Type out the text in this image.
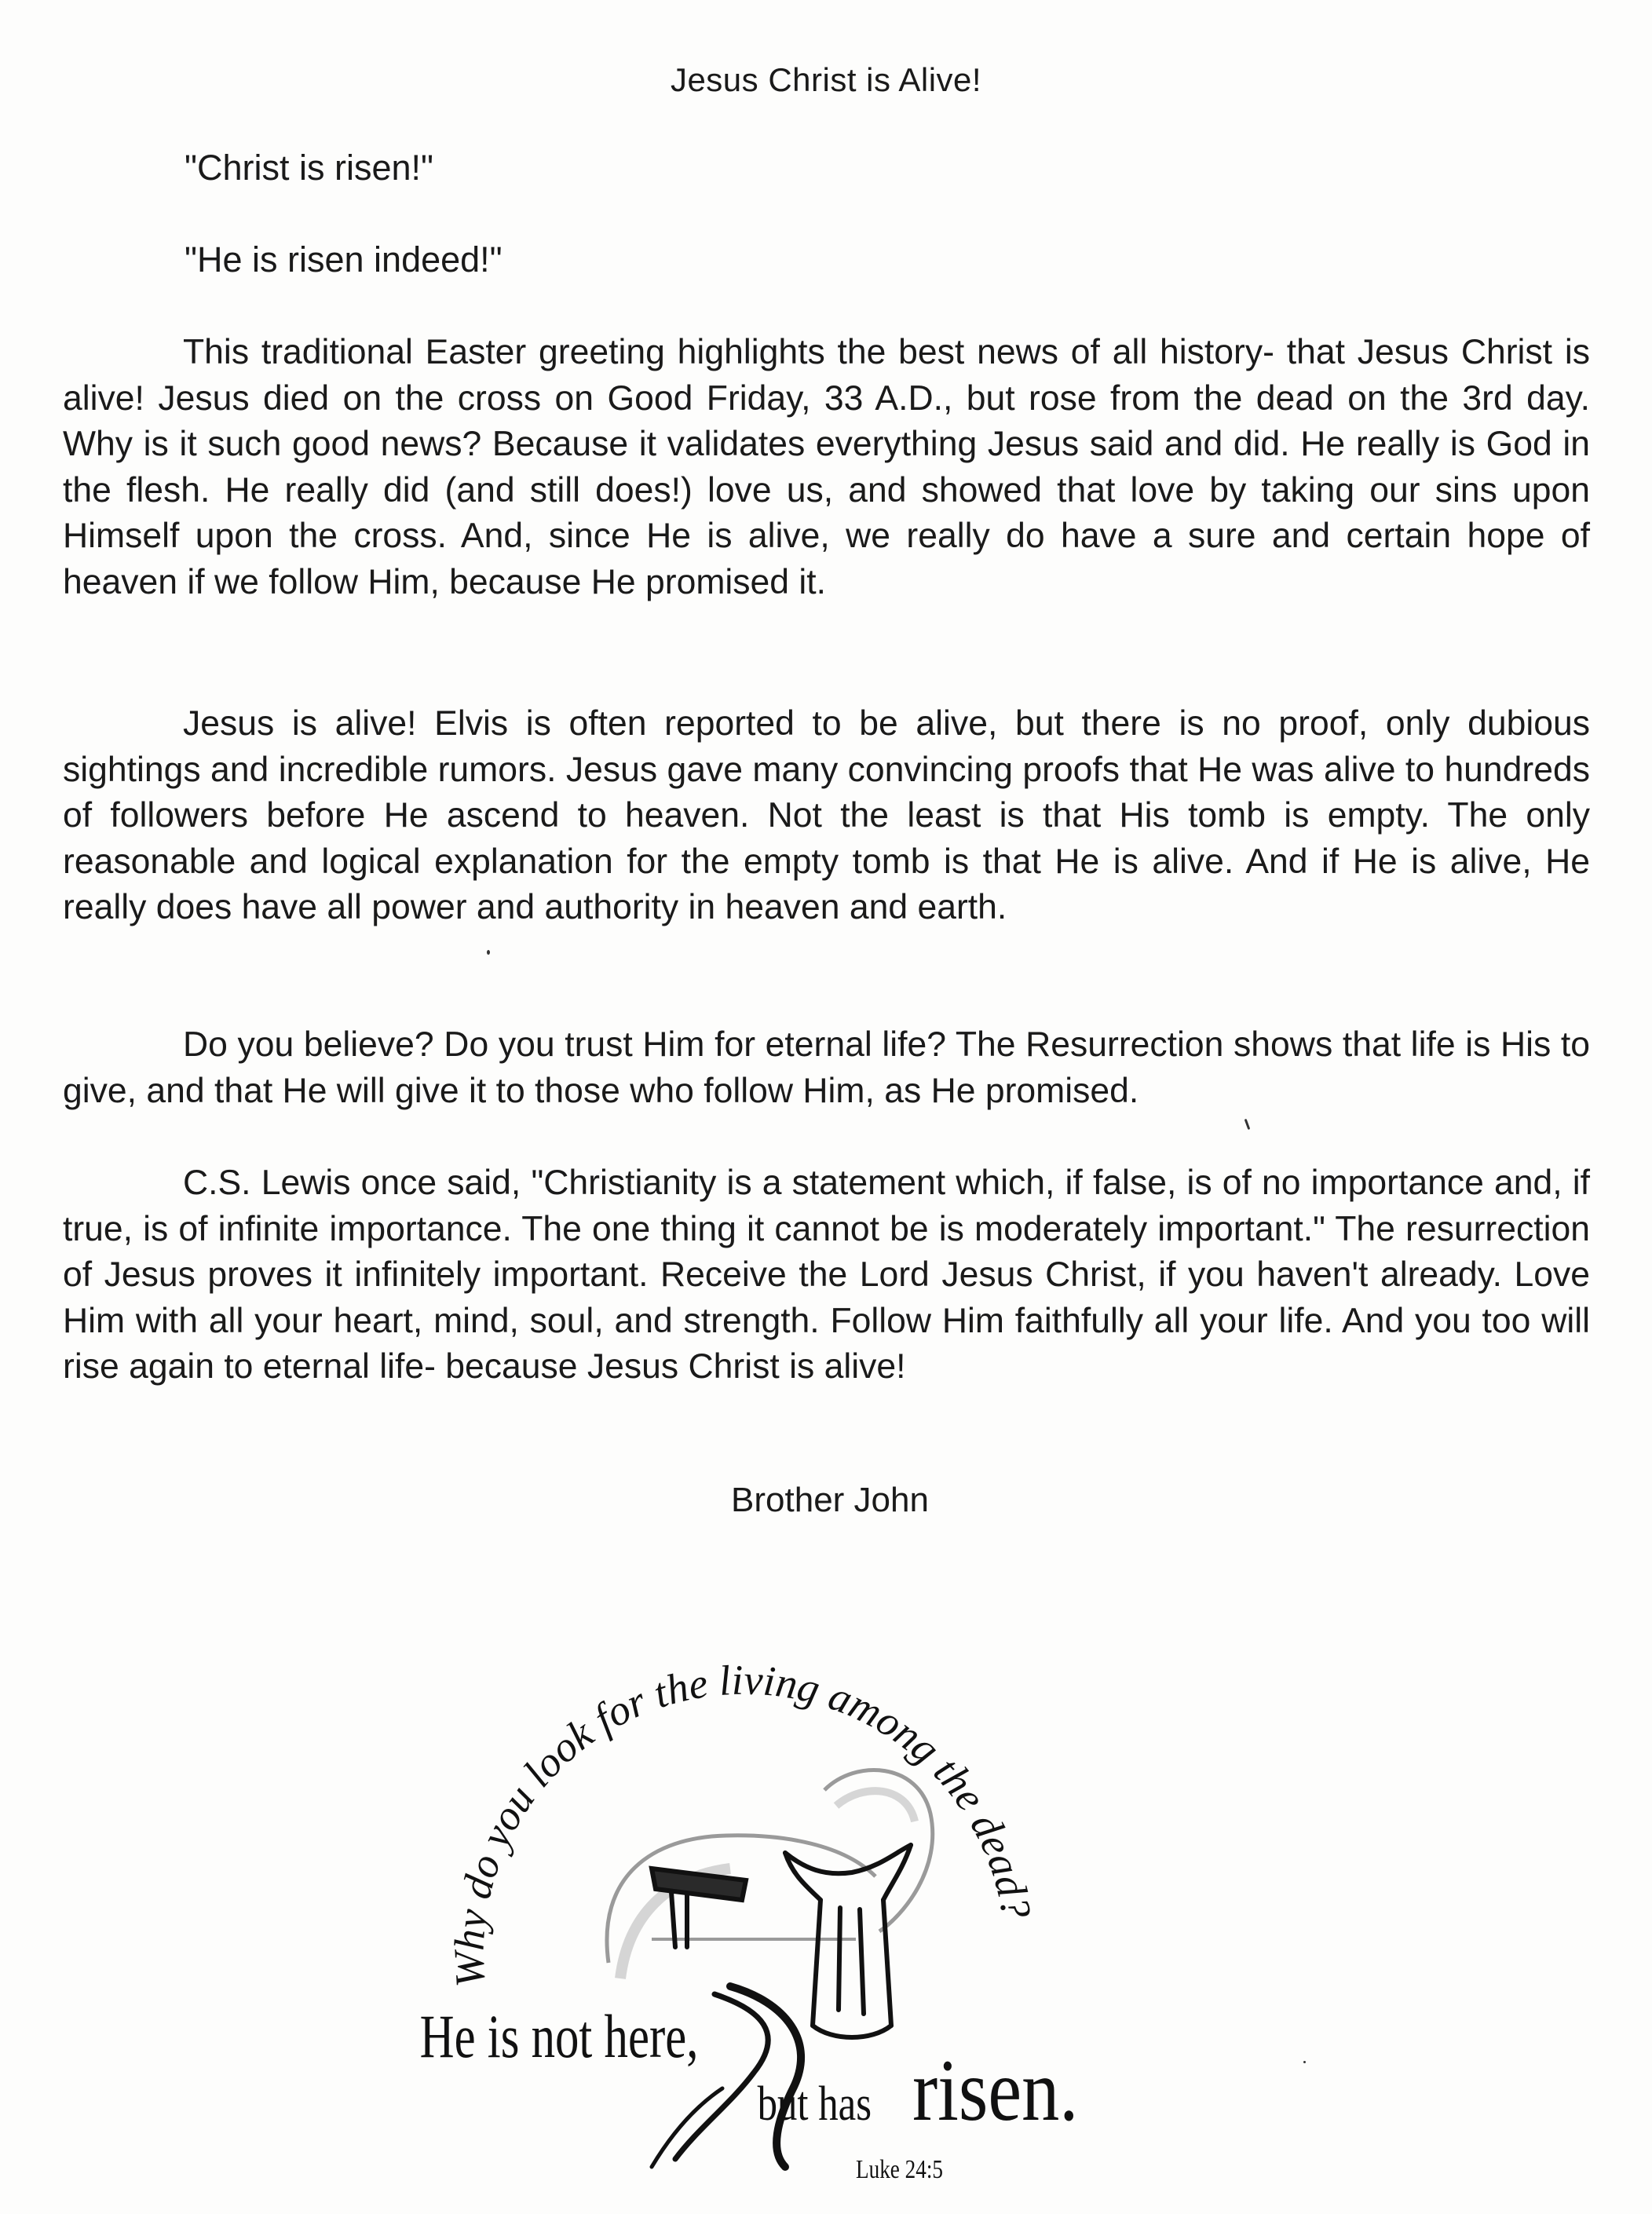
Jesus Christ is Alive!
"Christ is risen!"
"He is risen indeed!"

This traditional Easter greeting highlights the best news of all history- that Jesus Christ is alive! Jesus died on the cross on Good Friday, 33 A.D., but rose from the dead on the 3rd day. Why is it such good news? Because it validates everything Jesus said and did. He really is God in the flesh. He really did (and still does!) love us, and showed that love by taking our sins upon Himself upon the cross. And, since He is alive, we really do have a sure and certain hope of heaven if we follow Him, because He promised it.

Jesus is alive! Elvis is often reported to be alive, but there is no proof, only dubious sightings and incredible rumors. Jesus gave many convincing proofs that He was alive to hundreds of followers before He ascend to heaven. Not the least is that His tomb is empty. The only reasonable and logical explanation for the empty tomb is that He is alive. And if He is alive, He really does have all power and authority in heaven and earth.

Do you believe? Do you trust Him for eternal life? The Resurrection shows that life is His to give, and that He will give it to those who follow Him, as He promised.

C.S. Lewis once said, "Christianity is a statement which, if false, is of no importance and, if true, is of infinite importance. The one thing it cannot be is moderately important." The resurrection of Jesus proves it infinitely important. Receive the Lord Jesus Christ, if you haven't already. Love Him with all your heart, mind, soul, and strength. Follow Him faithfully all your life. And you too will rise again to eternal life- because Jesus Christ is alive!

Brother John
Why do you look for the living among the dead?
He is not here,
but has risen.
Luke 24:5
